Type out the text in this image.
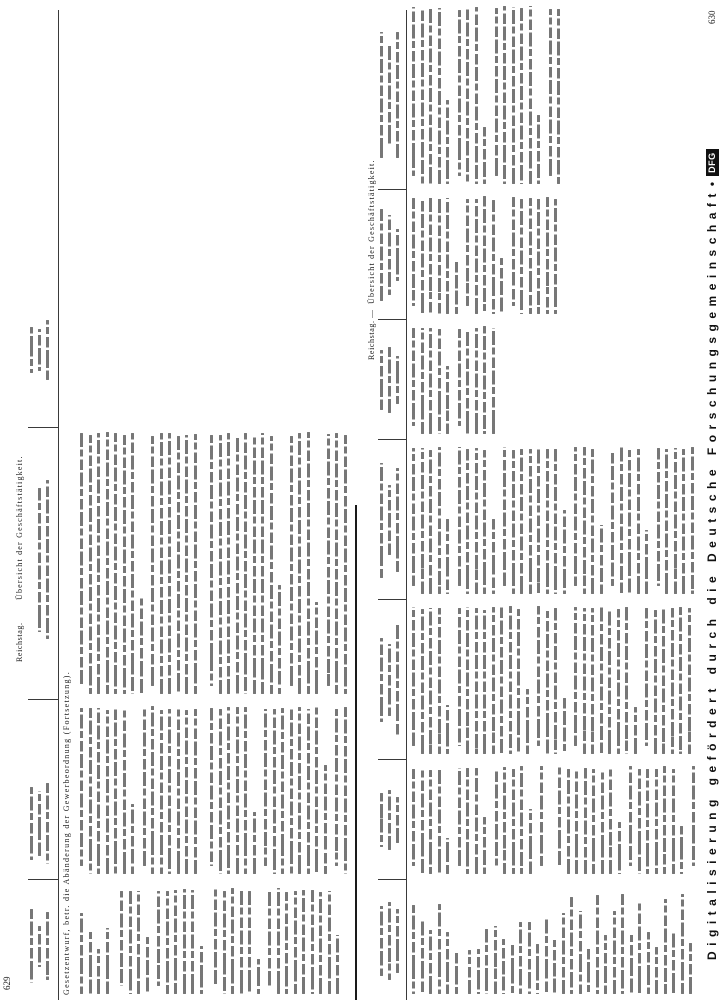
629
Reichstag.
Übersicht der Geschäftstätigkeit.
Gesetzentwurf, betr. die Abänderung der Gewerbeordnung (Fortsetzung).
Reichstag.
—
Übersicht der Geschäftstätigkeit.	Digitalisierung gefördert durch die Deutsche Forschungsgemeinschaft
•
DFG
630
